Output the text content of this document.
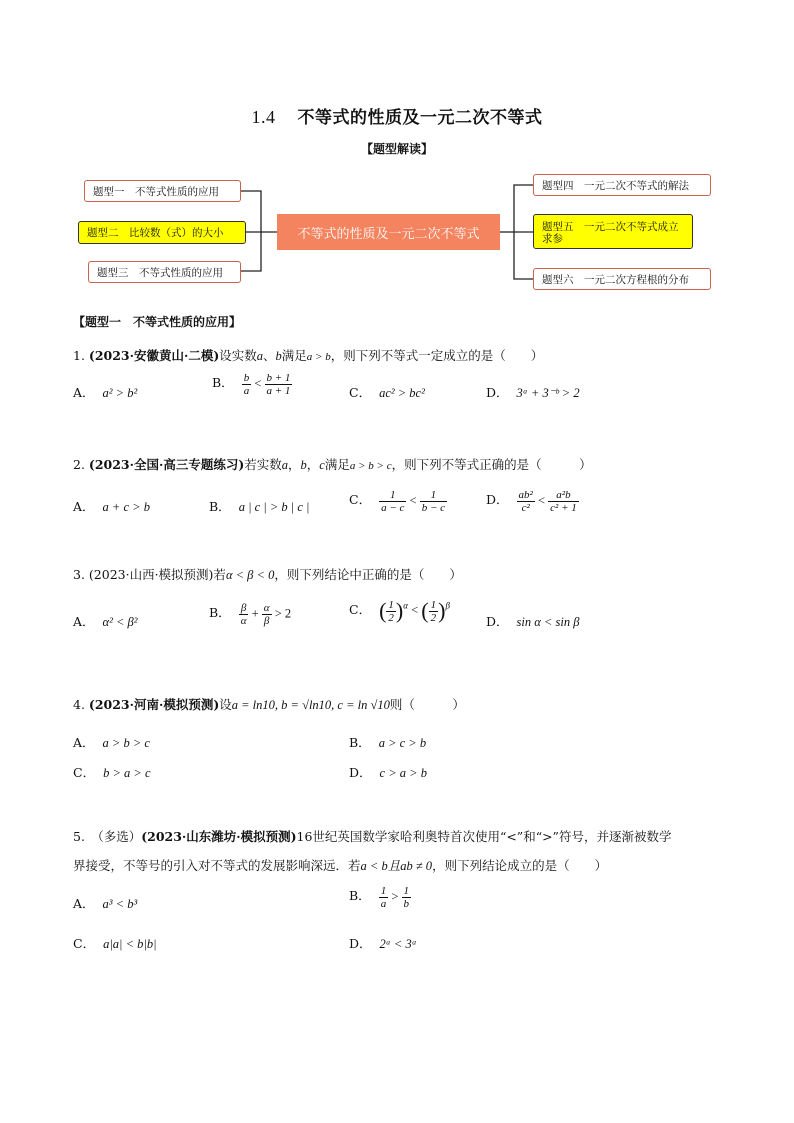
1.4 不等式的性质及一元二次不等式
【题型解读】
题型一　不等式性质的应用
题型二　比较数（式）的大小
题型三　不等式性质的应用
不等式的性质及一元二次不等式
题型四　一元二次不等式的解法
题型五　一元二次不等式成立求参
题型六　一元二次方程根的分布
【题型一　不等式性质的应用】
1. (2023·安徽黄山·二模)设实数a、b满足a > b，则下列不等式一定成立的是（　　）
A． a² > b²
B． $\frac{b}{a} < \frac{b + 1}{a + 1}$	C． ac² > bc²	D． 3ᵃ + 3⁻ᵇ > 2
2. (2023·全国·高三专题练习)若实数a，b，c满足a > b > c，则下列不等式正确的是（　　　）
A． a + c > b	B． a | c | > b | c |	C． $\frac{1}{a - c} < \frac{1}{b - c}$	D． $\frac{\text{ab²}}{\text{c²}} < \frac{\text{a²b}}{\text{c² + 1}}$
3. (2023·山西·模拟预测)若α < β < 0，则下列结论中正确的是（　　）
A． α² < β²
B． $\frac{\beta}{\alpha} + \frac{\alpha}{\beta} > 2$	C． ( $\frac{1}{2} )^\alpha$ < ( $\frac{1}{2} )^\beta$
D． sin α < sin β
4. (2023·河南·模拟预测)设a = ln10, b = √ln10, c = ln √10则（　　　）
A． a > b > c	B． a > c > b
C． b > a > c	D． c > a > b
5.　（多选）(2023·山东潍坊·模拟预测)16世纪英国数学家哈利奥特首次使用“<”和“>”符号，并逐渐被数学
界接受，不等号的引入对不等式的发展影响深远．若a < b且ab ≠ 0，则下列结论成立的是（　　）
A． a³ < b³
B． $\frac{1}{a} > \frac{1}{b}$
C． a|a| < b|b|	D． 2ᵃ < 3ᵃ
